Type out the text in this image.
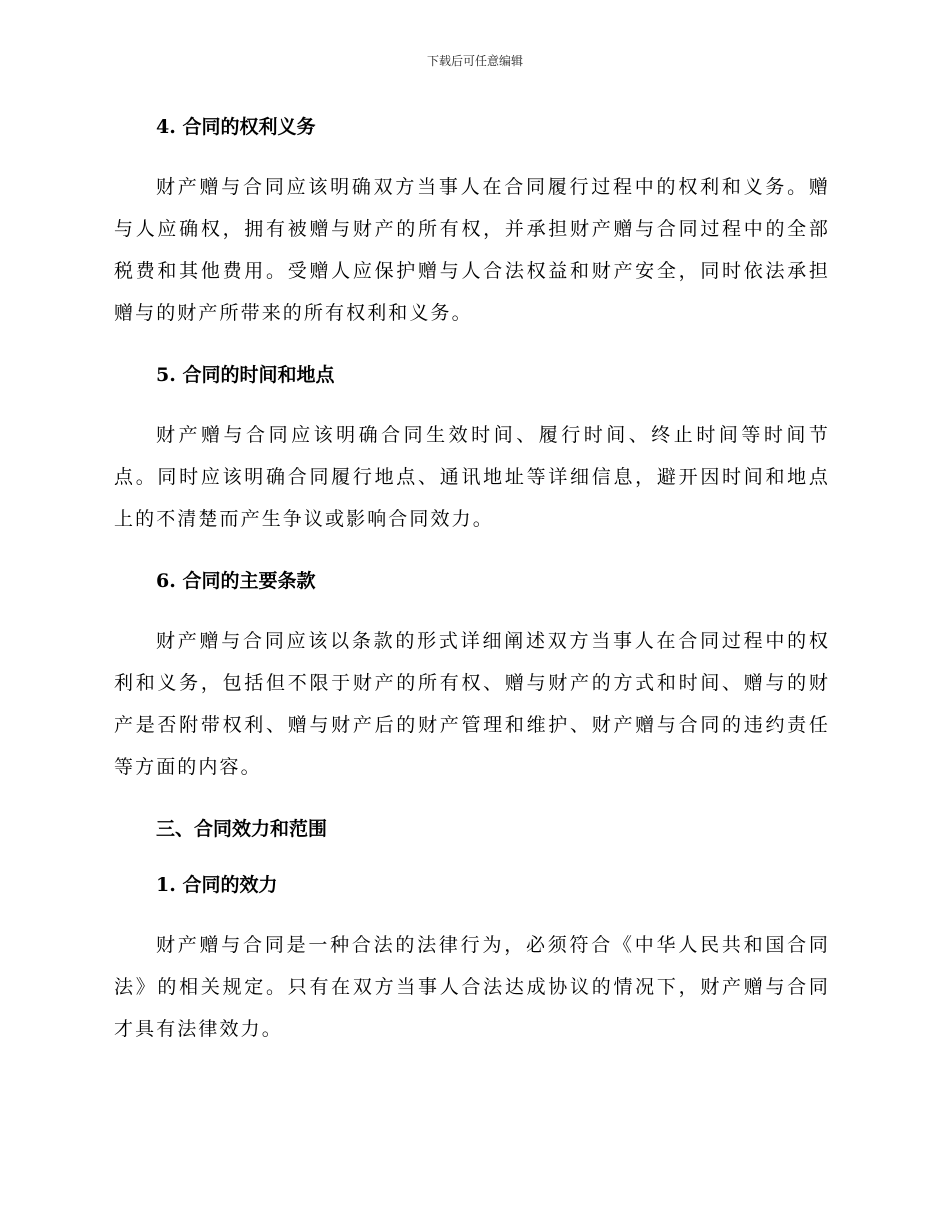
下载后可任意编辑
4. 合同的权利义务

财产赠与合同应该明确双方当事人在合同履行过程中的权利和义务。赠与人应确权，拥有被赠与财产的所有权，并承担财产赠与合同过程中的全部税费和其他费用。受赠人应保护赠与人合法权益和财产安全，同时依法承担赠与的财产所带来的所有权利和义务。

5. 合同的时间和地点

财产赠与合同应该明确合同生效时间、履行时间、终止时间等时间节点。同时应该明确合同履行地点、通讯地址等详细信息，避开因时间和地点上的不清楚而产生争议或影响合同效力。

6. 合同的主要条款

财产赠与合同应该以条款的形式详细阐述双方当事人在合同过程中的权利和义务，包括但不限于财产的所有权、赠与财产的方式和时间、赠与的财产是否附带权利、赠与财产后的财产管理和维护、财产赠与合同的违约责任等方面的内容。

三、合同效力和范围
1. 合同的效力

财产赠与合同是一种合法的法律行为，必须符合《中华人民共和国合同法》的相关规定。只有在双方当事人合法达成协议的情况下，财产赠与合同才具有法律效力。
